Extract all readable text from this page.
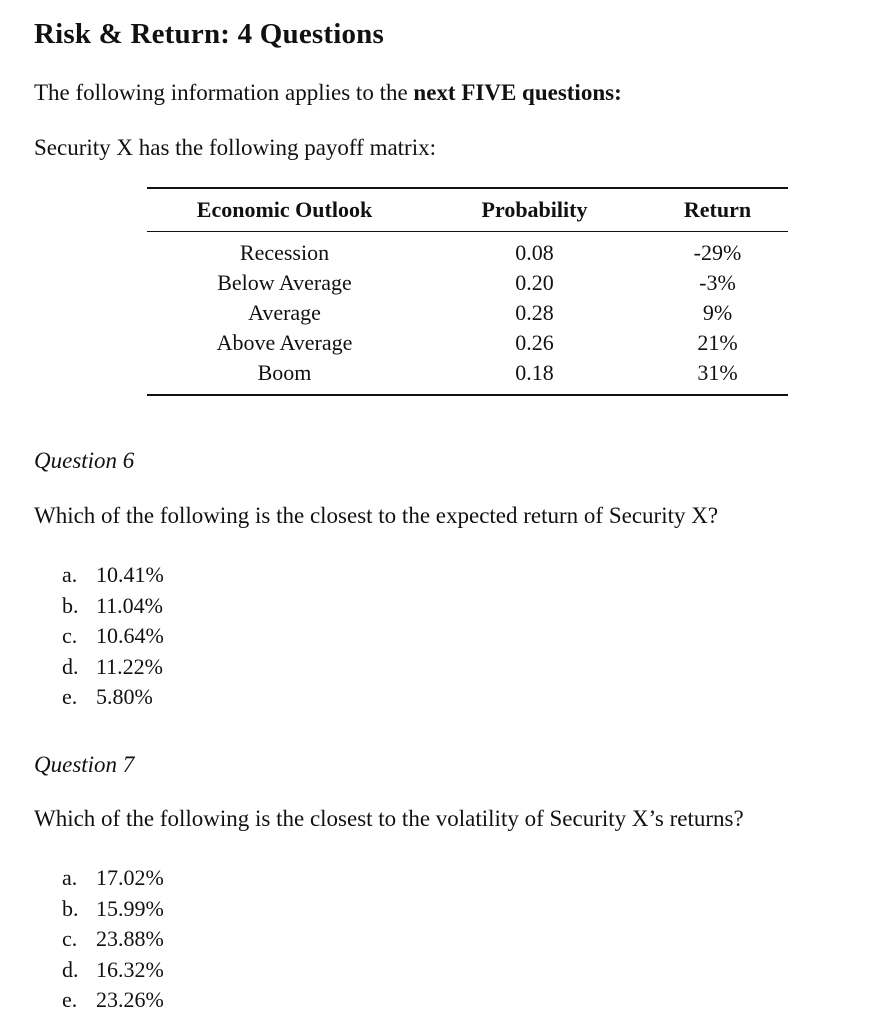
Risk & Return: 4 Questions

The following information applies to the next FIVE questions:

Security X has the following payoff matrix:

Economic Outlook	Probability	Return
Recession	0.08	-29%
Below Average	0.20	-3%
Average	0.28	9%
Above Average	0.26	21%
Boom	0.18	31%
Question 6
Which of the following is the closest to the expected return of Security X?
a. 10.41%
b. 11.04%
c. 10.64%
d. 11.22%
e. 5.80%
Question 7
Which of the following is the closest to the volatility of Security X’s returns?
a. 17.02%
b. 15.99%
c. 23.88%
d. 16.32%
e. 23.26%
